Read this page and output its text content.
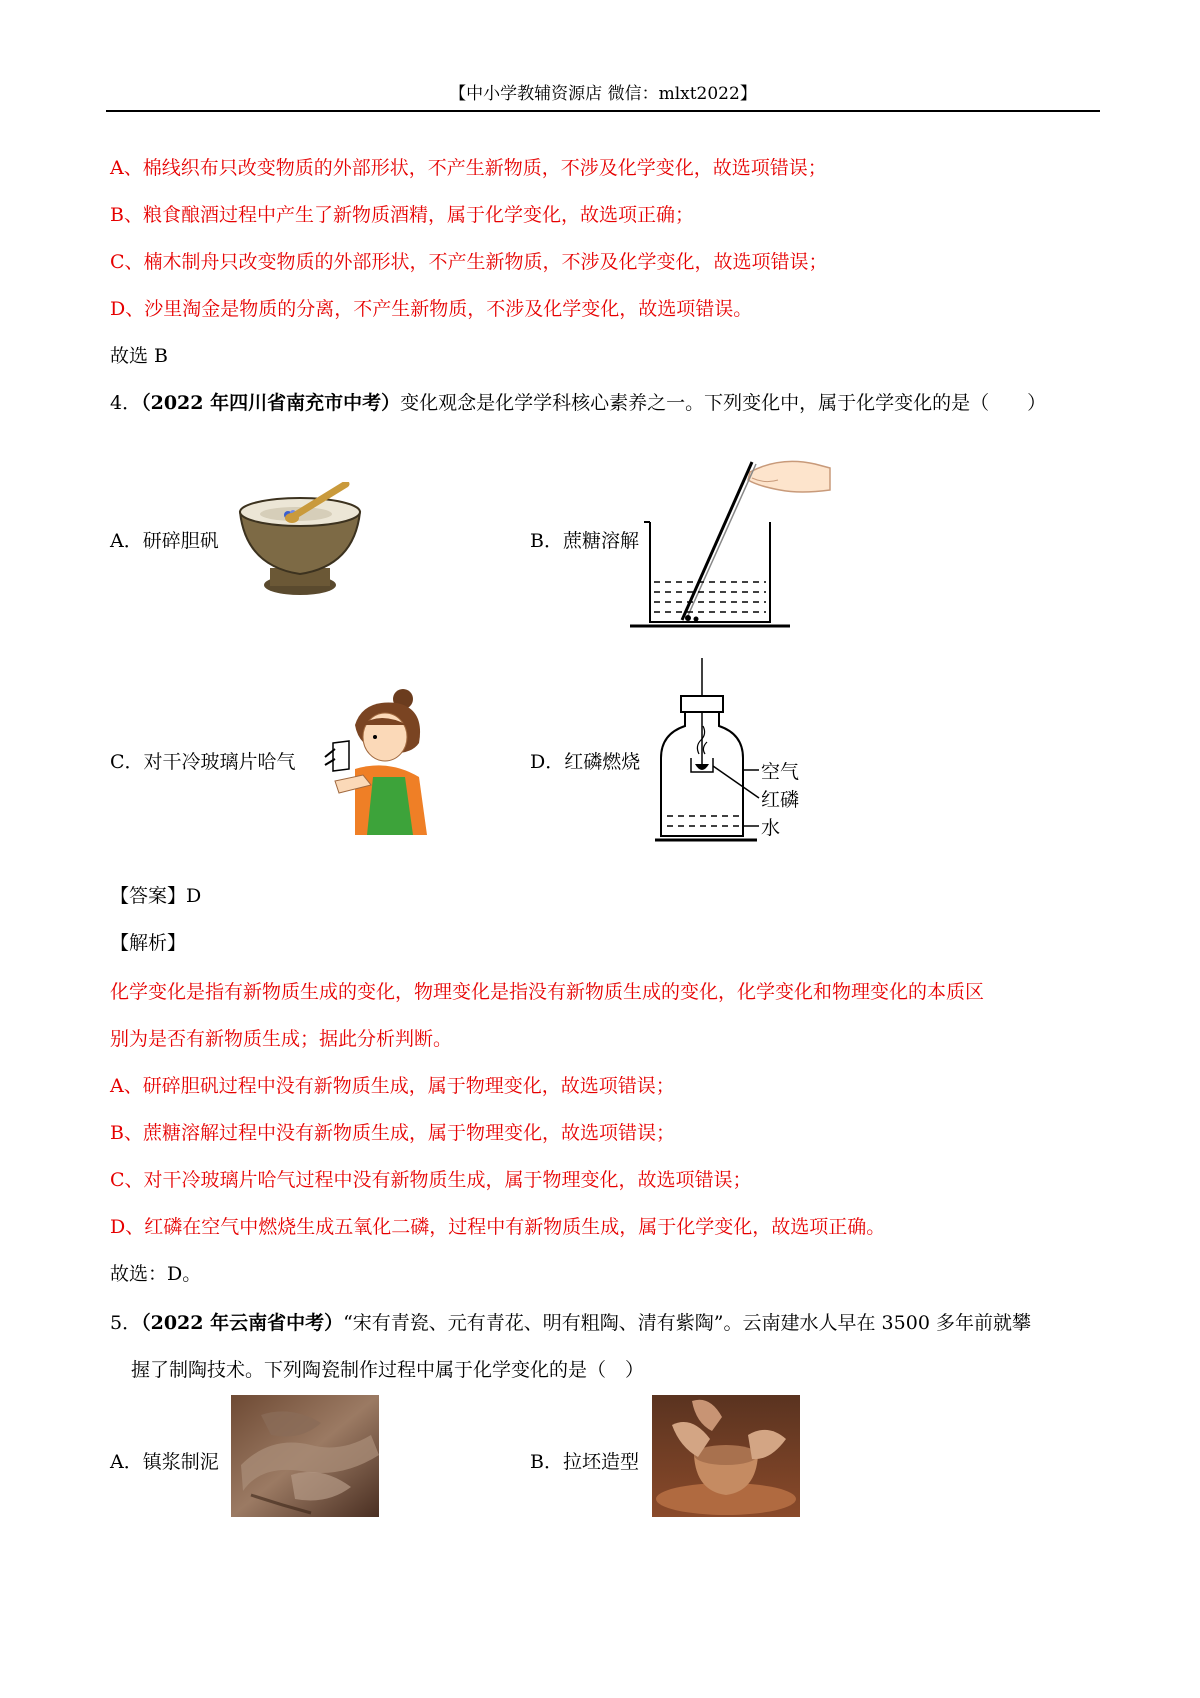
【中小学教辅资源店 微信：mlxt2022】
A、棉线织布只改变物质的外部形状，不产生新物质，不涉及化学变化，故选项错误；
B、粮食酿酒过程中产生了新物质酒精，属于化学变化，故选项正确；
C、楠木制舟只改变物质的外部形状，不产生新物质，不涉及化学变化，故选项错误；
D、沙里淘金是物质的分离，不产生新物质，不涉及化学变化，故选项错误。
故选 B
4．（2022 年四川省南充市中考）变化观念是化学学科核心素养之一。下列变化中，属于化学变化的是（　　）
A．研碎胆矾	B．蔗糖溶解
C．对干冷玻璃片哈气	D．红磷燃烧	空气
红磷
水
【答案】D
【解析】
化学变化是指有新物质生成的变化，物理变化是指没有新物质生成的变化，化学变化和物理变化的本质区
别为是否有新物质生成；据此分析判断。
A、研碎胆矾过程中没有新物质生成，属于物理变化，故选项错误；
B、蔗糖溶解过程中没有新物质生成，属于物理变化，故选项错误；
C、对干冷玻璃片哈气过程中没有新物质生成，属于物理变化，故选项错误；
D、红磷在空气中燃烧生成五氧化二磷，过程中有新物质生成，属于化学变化，故选项正确。
故选：D。
5．（2022 年云南省中考）“宋有青瓷、元有青花、明有粗陶、清有紫陶”。云南建水人早在 3500 多年前就攀
握了制陶技术。下列陶瓷制作过程中属于化学变化的是（　）
A．镇浆制泥	B．拉坯造型
